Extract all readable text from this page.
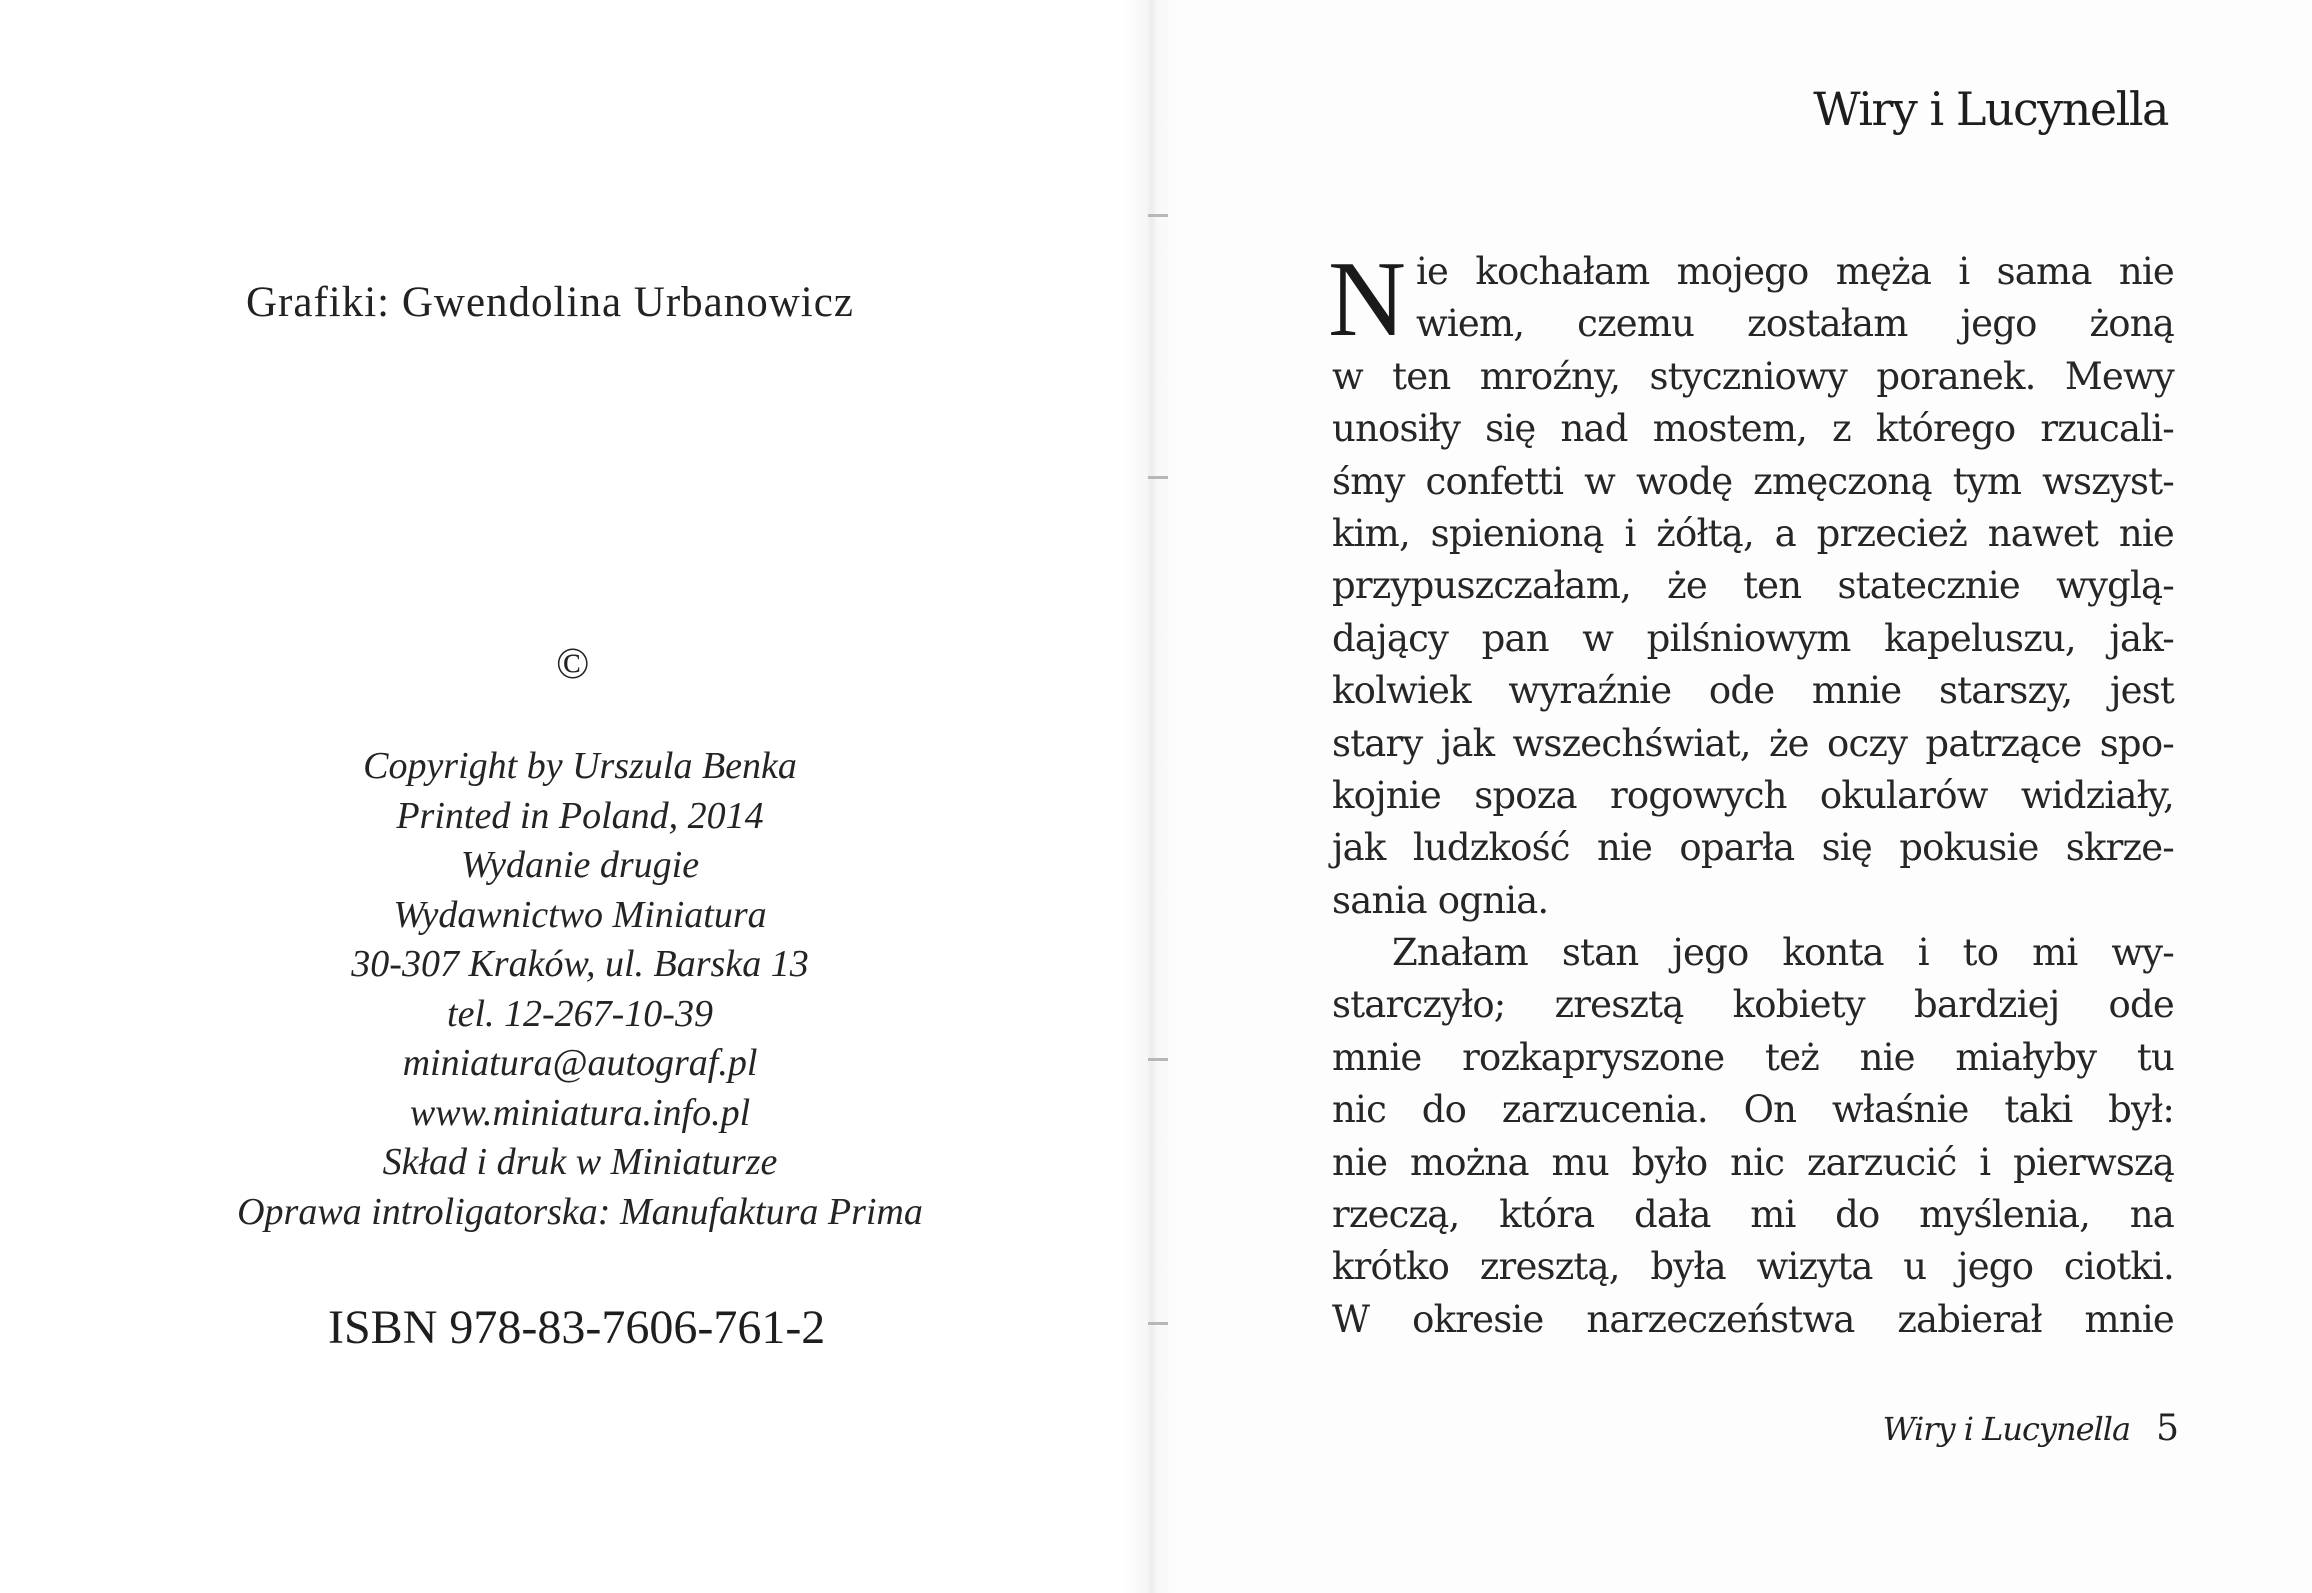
Grafiki: Gwendolina Urbanowicz
©
Copyright by Urszula Benka
Printed in Poland, 2014
Wydanie drugie
Wydawnictwo Miniatura
30-307 Kraków, ul. Barska 13
tel. 12-267-10-39
miniatura@autograf.pl
www.miniatura.info.pl
Skład i druk w Miniaturze
Oprawa introligatorska: Manufaktura Prima
ISBN 978-83-7606-761-2
Wiry i Lucynella
N ie kochałam mojego męża i sama nie
wiem, czemu zostałam jego żoną
w ten mroźny, styczniowy poranek. Mewy
unosiły się nad mostem, z którego rzucali-
śmy confetti w wodę zmęczoną tym wszyst-
kim, spienioną i żółtą, a przecież nawet nie
przypuszczałam, że ten statecznie wyglą-
dający pan w pilśniowym kapeluszu, jak-
kolwiek wyraźnie ode mnie starszy, jest
stary jak wszechświat, że oczy patrzące spo-
kojnie spoza rogowych okularów widziały,
jak ludzkość nie oparła się pokusie skrze-
sania ognia.
Znałam stan jego konta i to mi wy-
starczyło; zresztą kobiety bardziej ode
mnie rozkapryszone też nie miałyby tu
nic do zarzucenia. On właśnie taki był:
nie można mu było nic zarzucić i pierwszą
rzeczą, która dała mi do myślenia, na
krótko zresztą, była wizyta u jego ciotki.
W okresie narzeczeństwa zabierał mnie
Wiry i Lucynella 5
